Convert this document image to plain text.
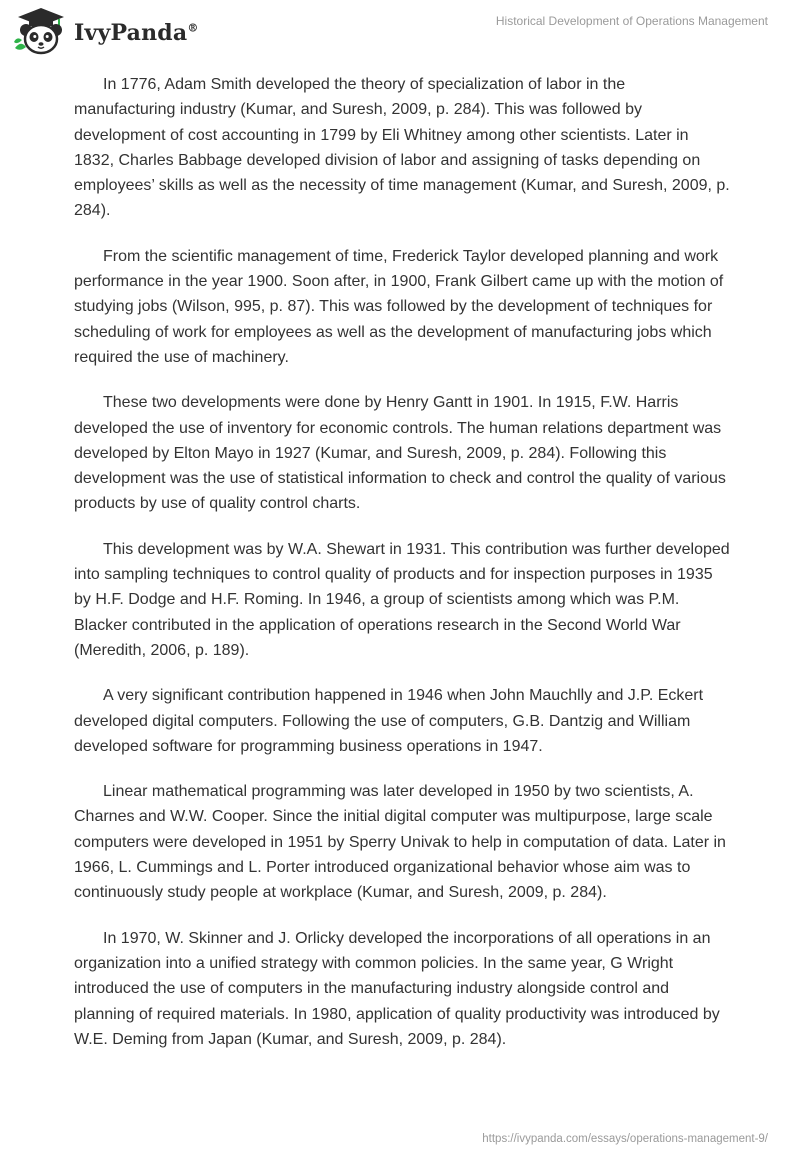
IvyPanda®
Historical Development of Operations Management

In 1776, Adam Smith developed the theory of specialization of labor in the manufacturing industry (Kumar, and Suresh, 2009, p. 284). This was followed by development of cost accounting in 1799 by Eli Whitney among other scientists. Later in 1832, Charles Babbage developed division of labor and assigning of tasks depending on employees’ skills as well as the necessity of time management (Kumar, and Suresh, 2009, p. 284).

From the scientific management of time, Frederick Taylor developed planning and work performance in the year 1900. Soon after, in 1900, Frank Gilbert came up with the motion of studying jobs (Wilson, 995, p. 87). This was followed by the development of techniques for scheduling of work for employees as well as the development of manufacturing jobs which required the use of machinery.

These two developments were done by Henry Gantt in 1901. In 1915, F.W. Harris developed the use of inventory for economic controls. The human relations department was developed by Elton Mayo in 1927 (Kumar, and Suresh, 2009, p. 284). Following this development was the use of statistical information to check and control the quality of various products by use of quality control charts.

This development was by W.A. Shewart in 1931. This contribution was further developed into sampling techniques to control quality of products and for inspection purposes in 1935 by H.F. Dodge and H.F. Roming. In 1946, a group of scientists among which was P.M. Blacker contributed in the application of operations research in the Second World War (Meredith, 2006, p. 189).

A very significant contribution happened in 1946 when John Mauchlly and J.P. Eckert developed digital computers. Following the use of computers, G.B. Dantzig and William developed software for programming business operations in 1947.

Linear mathematical programming was later developed in 1950 by two scientists, A. Charnes and W.W. Cooper. Since the initial digital computer was multipurpose, large scale computers were developed in 1951 by Sperry Univak to help in computation of data. Later in 1966, L. Cummings and L. Porter introduced organizational behavior whose aim was to continuously study people at workplace (Kumar, and Suresh, 2009, p. 284).

In 1970, W. Skinner and J. Orlicky developed the incorporations of all operations in an organization into a unified strategy with common policies. In the same year, G Wright introduced the use of computers in the manufacturing industry alongside control and planning of required materials. In 1980, application of quality productivity was introduced by W.E. Deming from Japan (Kumar, and Suresh, 2009, p. 284).

https://ivypanda.com/essays/operations-management-9/
